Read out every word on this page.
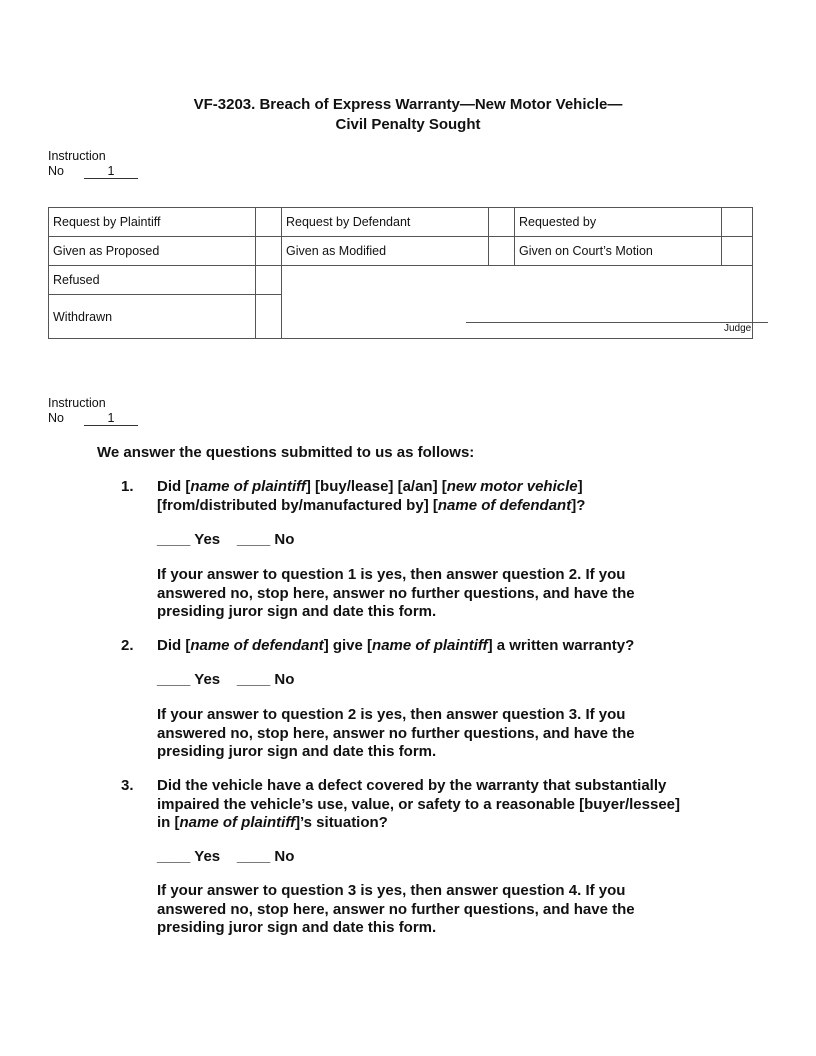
VF-3203. Breach of Express Warranty—New Motor Vehicle—
Civil Penalty Sought
Instruction
No	1
Request by Plaintiff		Request by Defendant		Requested by	
Given as Proposed		Given as Modified		Given on Court’s Motion	
Refused					
Withdrawn					
Judge
Instruction
No	1
We answer the questions submitted to us as follows:
1. Did [name of plaintiff] [buy/lease] [a/an] [new motor vehicle]
[from/distributed by/manufactured by] [name of defendant]?
____ Yes ____ No
If your answer to question 1 is yes, then answer question 2. If you
answered no, stop here, answer no further questions, and have the
presiding juror sign and date this form.
2. Did [name of defendant] give [name of plaintiff] a written warranty?
____ Yes ____ No
If your answer to question 2 is yes, then answer question 3. If you
answered no, stop here, answer no further questions, and have the
presiding juror sign and date this form.
3. Did the vehicle have a defect covered by the warranty that substantially
impaired the vehicle’s use, value, or safety to a reasonable [buyer/lessee]
in [name of plaintiff]’s situation?
____ Yes ____ No
If your answer to question 3 is yes, then answer question 4. If you
answered no, stop here, answer no further questions, and have the
presiding juror sign and date this form.
